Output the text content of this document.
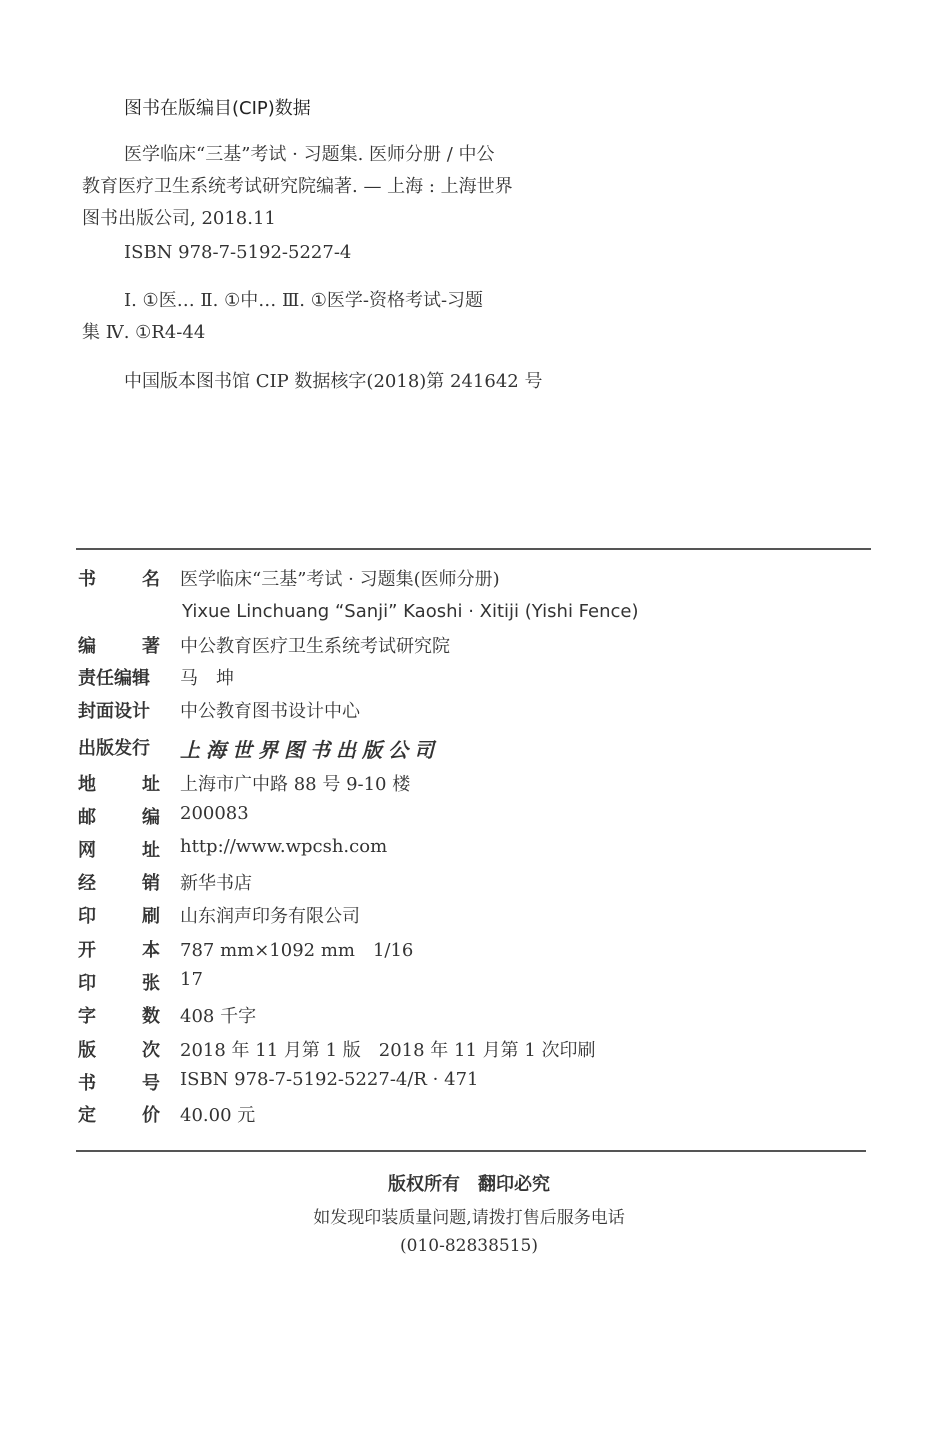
图书在版编目(CIP)数据
医学临床“三基”考试 · 习题集. 医师分册 / 中公
教育医疗卫生系统考试研究院编著. — 上海 : 上海世界
图书出版公司, 2018.11
ISBN 978-7-5192-5227-4
Ⅰ. ①医… Ⅱ. ①中… Ⅲ. ①医学-资格考试-习题
集 Ⅳ. ①R4-44
中国版本图书馆 CIP 数据核字(2018)第 241642 号
书	名 医学临床“三基”考试 · 习题集(医师分册)
Yixue Linchuang “Sanji” Kaoshi · Xitiji (Yishi Fence)
编	著 中公教育医疗卫生系统考试研究院
责任编辑	马　坤
封面设计	中公教育图书设计中心
出版发行	上海世界图书出版公司
地	址 上海市广中路 88 号 9-10 楼
邮	编 200083
网	址 http://www.wpcsh.com
经	销 新华书店
印	刷 山东润声印务有限公司
开	本 787 mm×1092 mm　1/16
印	张 17
字	数 408 千字
版	次 2018 年 11 月第 1 版　2018 年 11 月第 1 次印刷
书	号 ISBN 978-7-5192-5227-4/R · 471
定	价 40.00 元
版权所有　翻印必究
如发现印装质量问题,请拨打售后服务电话
(010-82838515)
